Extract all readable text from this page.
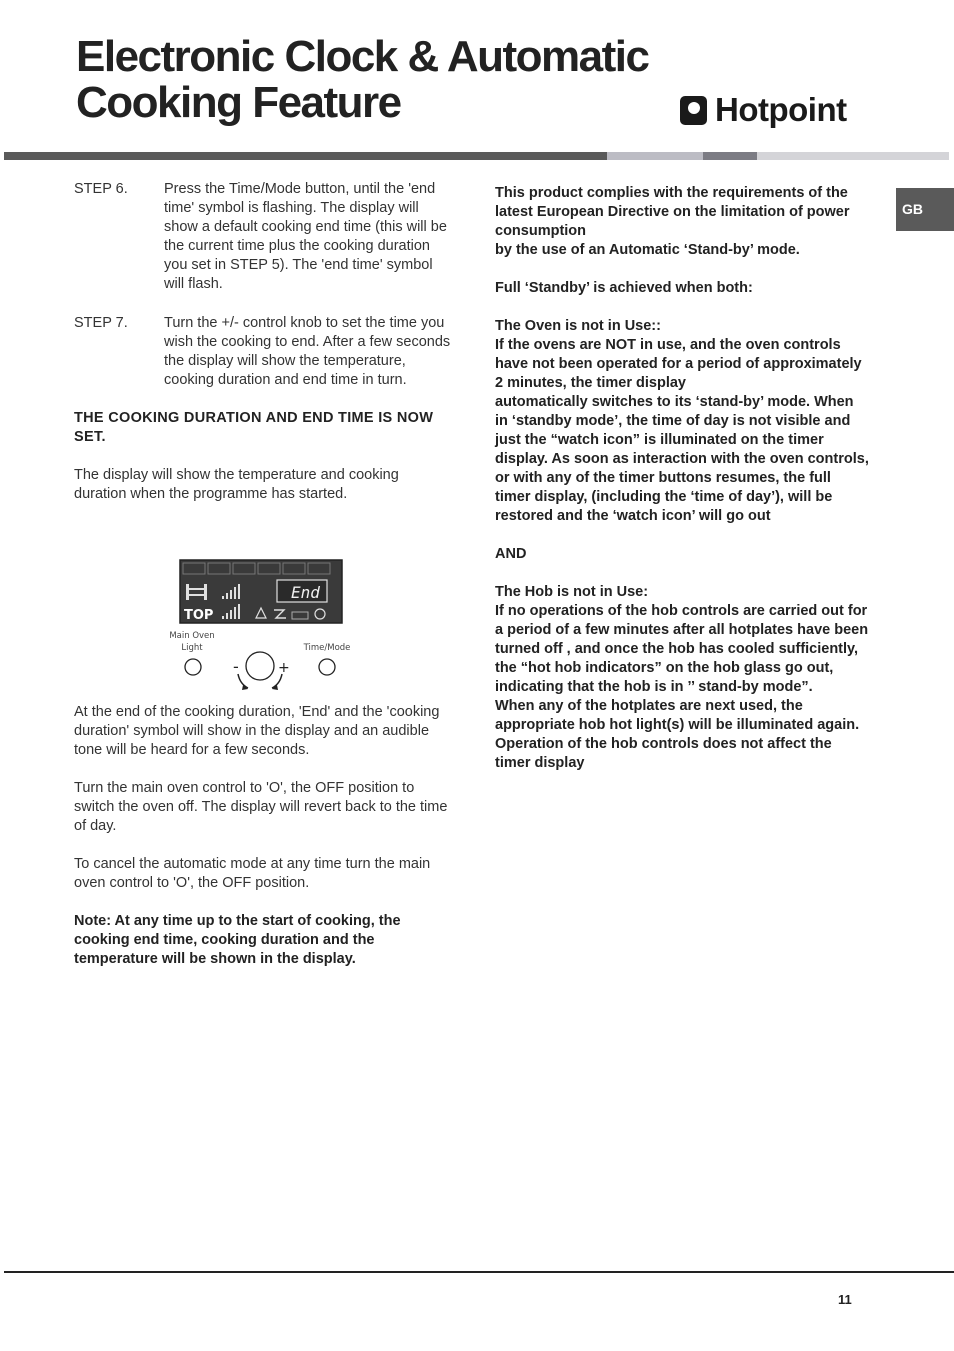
Electronic Clock & Automatic
Cooking Feature	Hotpoint
GB
STEP 6.	Press the Time/Mode button, until the 'end time' symbol is flashing. The display will show a default cooking end time (this will be the current time plus the cooking duration you set in STEP 5). The 'end time' symbol will flash.
STEP 7.	Turn the +/- control knob to set the time you wish the cooking to end. After a few seconds the display will show the temperature, cooking duration and end time in turn.

THE COOKING DURATION AND END TIME IS NOW SET.

The display will show the temperature and cooking duration when the programme has started.

At the end of the cooking duration, 'End' and the 'cooking duration' symbol will show in the display and an audible tone will be heard for a few seconds.

Turn the main oven control to 'O', the OFF position to switch the oven off. The display will revert back to the time of day.

To cancel the automatic mode at any time turn the main oven control to 'O', the OFF position.

Note: At any time up to the start of cooking, the cooking end time, cooking duration and the temperature will be shown in the display.

End
TOP
Main Oven
Light	Time/Mode
-	+

This product complies with the requirements of the latest European Directive on the limitation of power consumption
by the use of an Automatic ‘Stand-by’ mode.

Full ‘Standby’ is achieved when both:

The Oven is not in Use::

If the ovens are NOT in use, and the oven controls have not been operated for a period of approximately 2 minutes, the timer display
automatically switches to its ‘stand-by’ mode. When in ‘standby mode’, the time of day is not visible and just the “watch icon” is illuminated on the timer display. As soon as interaction with the oven controls, or with any of the timer buttons resumes, the full timer display, (including the ‘time of day’), will be restored and the ‘watch icon’ will go out

AND

The Hob is not in Use:

If no operations of the hob controls are carried out for a period of a few minutes after all hotplates have been turned off , and once the hob has cooled sufficiently, the “hot hob indicators” on the hob glass go out, indicating that the hob is in ’’ stand-by mode”.

When any of the hotplates are next used, the appropriate hob hot light(s) will be illuminated again. Operation of the hob controls does not affect the timer display

11
